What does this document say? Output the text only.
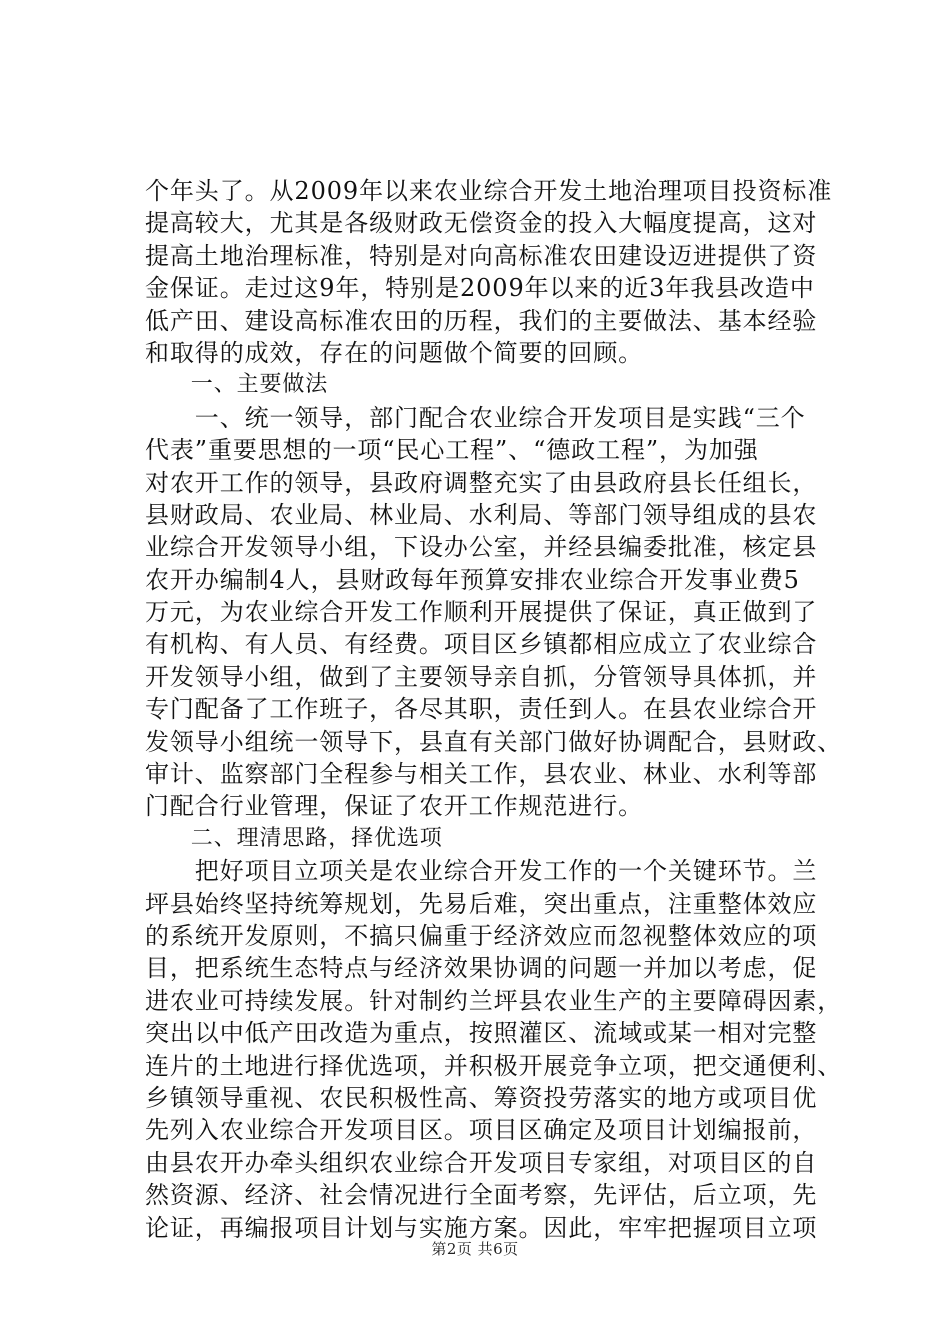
个年头了。从2009年以来农业综合开发土地治理项目投资标准
提高较大，尤其是各级财政无偿资金的投入大幅度提高，这对
提高土地治理标准，特别是对向高标准农田建设迈进提供了资
金保证。走过这9年，特别是2009年以来的近3年我县改造中
低产田、建设高标准农田的历程，我们的主要做法、基本经验
和取得的成效，存在的问题做个简要的回顾。
　　一、主要做法
　　一、统一领导，部门配合农业综合开发项目是实践“三个
代表”重要思想的一项“民心工程”、“德政工程”，为加强
对农开工作的领导，县政府调整充实了由县政府县长任组长，
县财政局、农业局、林业局、水利局、等部门领导组成的县农
业综合开发领导小组，下设办公室，并经县编委批准，核定县
农开办编制4人，县财政每年预算安排农业综合开发事业费5
万元，为农业综合开发工作顺利开展提供了保证，真正做到了
有机构、有人员、有经费。项目区乡镇都相应成立了农业综合
开发领导小组，做到了主要领导亲自抓，分管领导具体抓，并
专门配备了工作班子，各尽其职，责任到人。在县农业综合开
发领导小组统一领导下，县直有关部门做好协调配合，县财政、
审计、监察部门全程参与相关工作，县农业、林业、水利等部
门配合行业管理，保证了农开工作规范进行。
　　二、理清思路，择优选项
　　把好项目立项关是农业综合开发工作的一个关键环节。兰
坪县始终坚持统筹规划，先易后难，突出重点，注重整体效应
的系统开发原则，不搞只偏重于经济效应而忽视整体效应的项
目，把系统生态特点与经济效果协调的问题一并加以考虑，促
进农业可持续发展。针对制约兰坪县农业生产的主要障碍因素，
突出以中低产田改造为重点，按照灌区、流域或某一相对完整
连片的土地进行择优选项，并积极开展竞争立项，把交通便利、
乡镇领导重视、农民积极性高、筹资投劳落实的地方或项目优
先列入农业综合开发项目区。项目区确定及项目计划编报前，
由县农开办牵头组织农业综合开发项目专家组，对项目区的自
然资源、经济、社会情况进行全面考察，先评估，后立项，先
论证，再编报项目计划与实施方案。因此，牢牢把握项目立项
第2页 共6页
